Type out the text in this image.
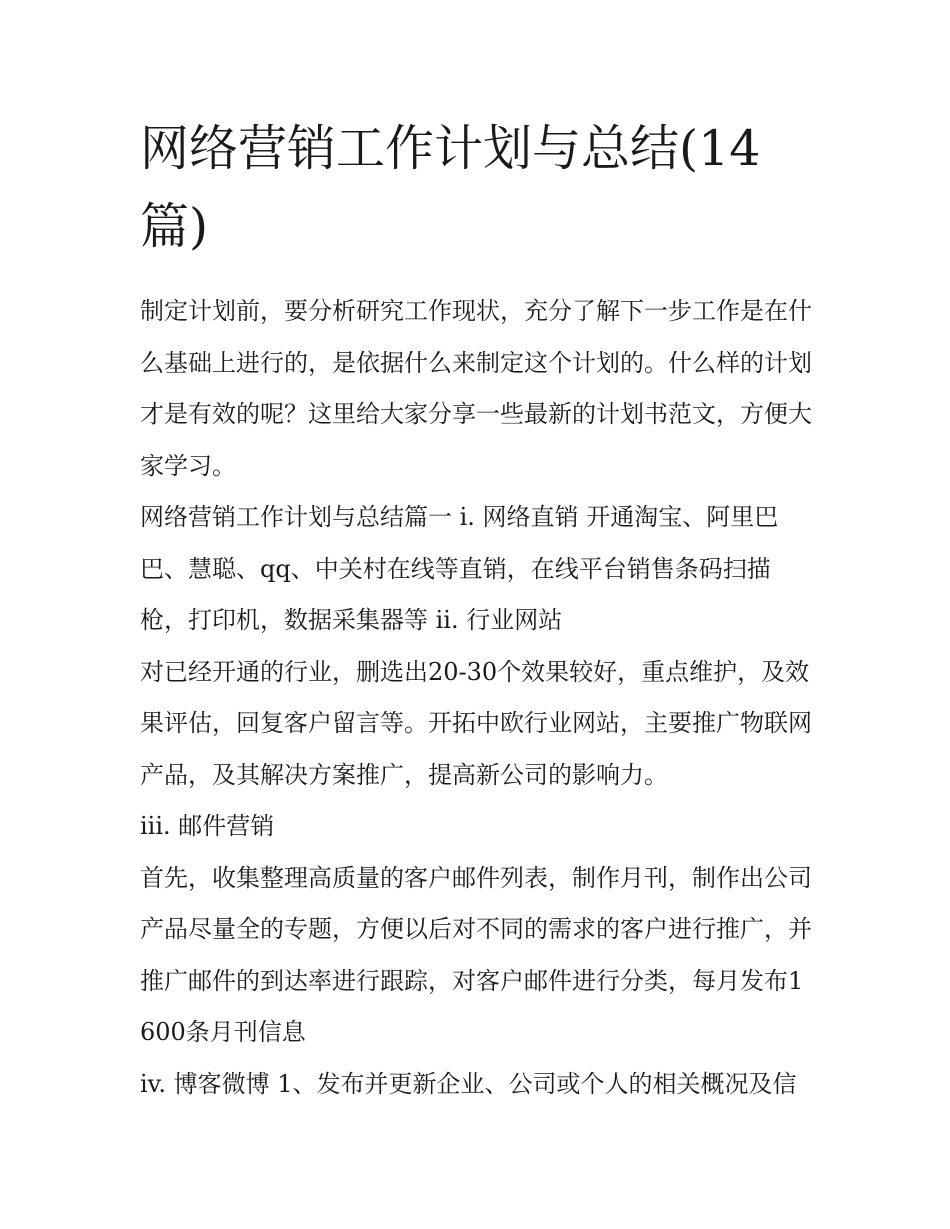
网络营销工作计划与总结(14篇)

制定计划前，要分析研究工作现状，充分了解下一步工作是在什么基础上进行的，是依据什么来制定这个计划的。什么样的计划才是有效的呢？这里给大家分享一些最新的计划书范文，方便大家学习。

网络营销工作计划与总结篇一 i. 网络直销 开通淘宝、阿里巴巴、慧聪、qq、中关村在线等直销，在线平台销售条码扫描枪，打印机，数据采集器等 ii. 行业网站

对已经开通的行业，删选出20-30个效果较好，重点维护，及效果评估，回复客户留言等。开拓中欧行业网站，主要推广物联网产品，及其解决方案推广，提高新公司的影响力。

iii. 邮件营销

首先，收集整理高质量的客户邮件列表，制作月刊，制作出公司产品尽量全的专题，方便以后对不同的需求的客户进行推广，并推广邮件的到达率进行跟踪，对客户邮件进行分类，每月发布1600条月刊信息

iv. 博客微博 1、发布并更新企业、公司或个人的相关概况及信
